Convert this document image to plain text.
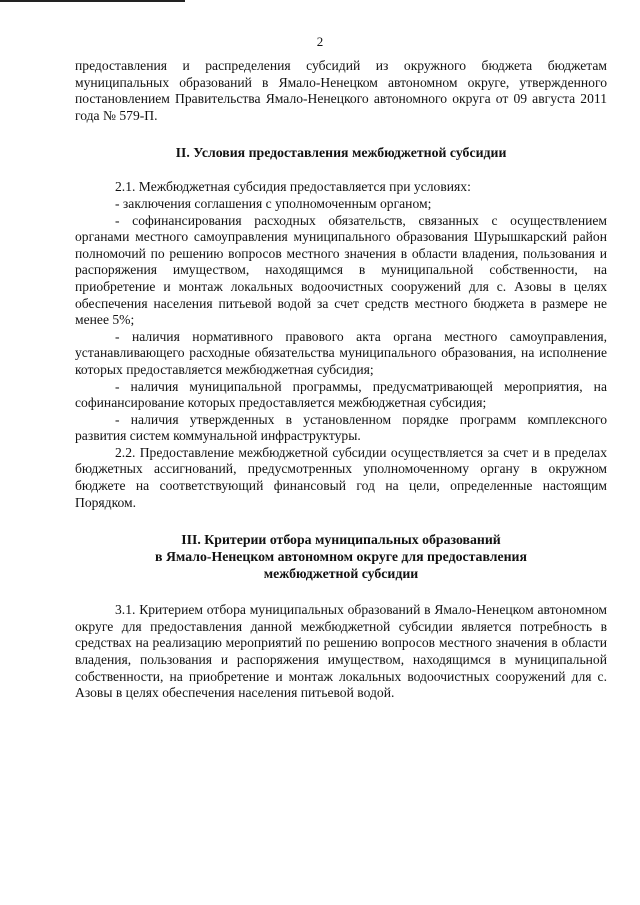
2

предоставления и распределения субсидий из окружного бюджета бюджетам муниципальных образований в Ямало-Ненецком автономном округе, утвержденного постановлением Правительства Ямало-Ненецкого автономного округа от 09 августа 2011 года № 579-П.

II. Условия предоставления межбюджетной субсидии

2.1. Межбюджетная субсидия предоставляется при условиях:

- заключения соглашения с уполномоченным органом;

- софинансирования расходных обязательств, связанных с осуществлением органами местного самоуправления муниципального образования Шурышкарский район полномочий по решению вопросов местного значения в области владения, пользования и распоряжения имуществом, находящимся в муниципальной собственности, на приобретение и монтаж локальных водоочистных сооружений для с. Азовы в целях обеспечения населения питьевой водой за счет средств местного бюджета в размере не менее 5%;

- наличия нормативного правового акта органа местного самоуправления, устанавливающего расходные обязательства муниципального образования, на исполнение которых предоставляется межбюджетная субсидия;

- наличия муниципальной программы, предусматривающей мероприятия, на софинансирование которых предоставляется межбюджетная субсидия;

- наличия утвержденных в установленном порядке программ комплексного развития систем коммунальной инфраструктуры.

2.2. Предоставление межбюджетной субсидии осуществляется за счет и в пределах бюджетных ассигнований, предусмотренных уполномоченному органу в окружном бюджете на соответствующий финансовый год на цели, определенные настоящим Порядком.

III. Критерии отбора муниципальных образований

в Ямало-Ненецком автономном округе для предоставления

межбюджетной субсидии

3.1. Критерием отбора муниципальных образований в Ямало-Ненецком автономном округе для предоставления данной межбюджетной субсидии является потребность в средствах на реализацию мероприятий по решению вопросов местного значения в области владения, пользования и распоряжения имуществом, находящимся в муниципальной собственности, на приобретение и монтаж локальных водоочистных сооружений для с. Азовы в целях обеспечения населения питьевой водой.
